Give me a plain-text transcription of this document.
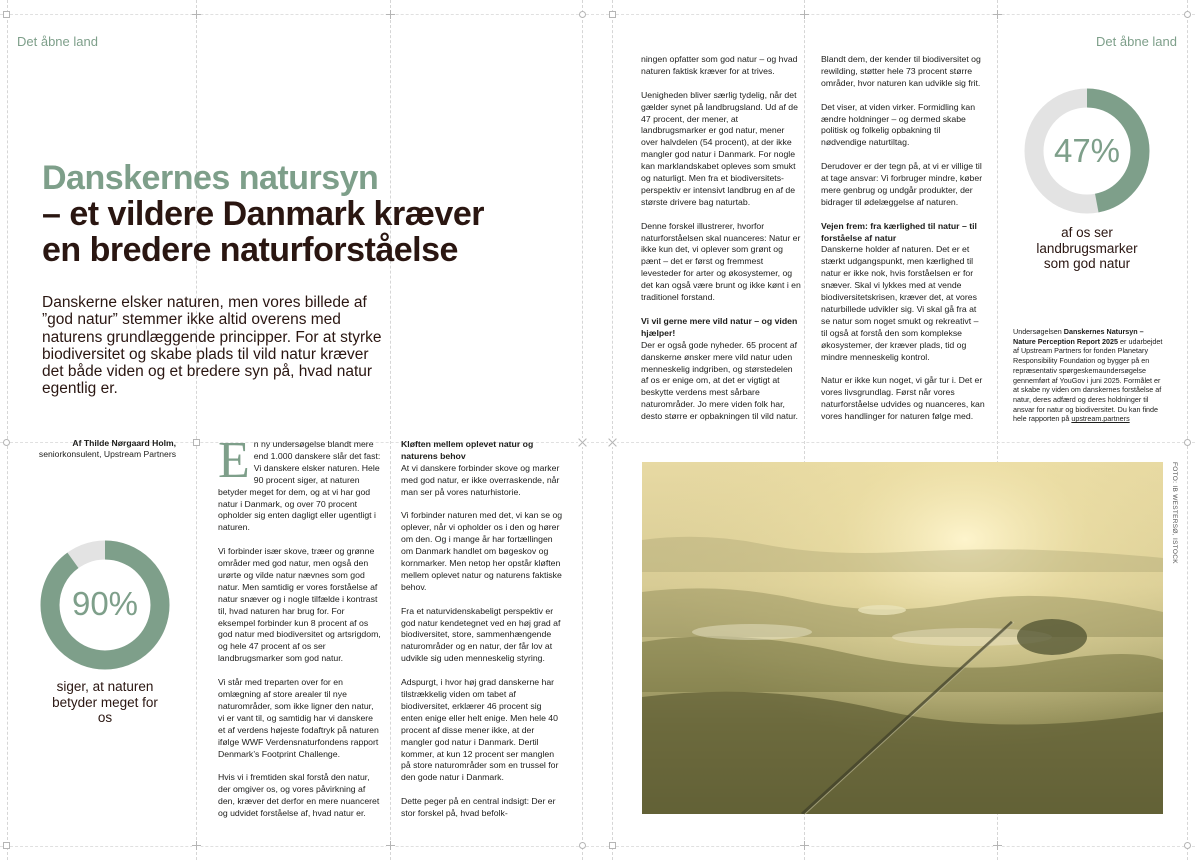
Det åbne land	Det åbne land
Danskernes natursyn
– et vildere Danmark kræver
en bredere naturforståelse

Danskerne elsker naturen, men vores billede af ”god natur” stemmer ikke altid overens med naturens grundlæggende principper. For at styrke biodiversitet og skabe plads til vild natur kræver det både viden og et bredere syn på, hvad natur egentlig er.

Af Thilde Nørgaard Holm,
seniorkonsulent, Upstream Partners
90%
siger, at naturen betyder meget for os
47%
af os ser landbrugsmarker som god natur

En ny undersøgelse blandt mere end 1.000 danskere slår det fast: Vi danskere elsker naturen. Hele 90 procent siger, at naturen betyder meget for dem, og at vi har god natur i Danmark, og over 70 procent opholder sig enten dagligt eller ugentligt i naturen.

Vi forbinder især skove, træer og grønne områder med god natur, men også den urørte og vilde natur nævnes som god natur. Men samtidig er vores forståelse af natur snæver og i nogle tilfælde i kontrast til, hvad naturen har brug for. For eksempel forbinder kun 8 procent af os god natur med biodiversitet og artsrigdom, og hele 47 procent af os ser landbrugsmarker som god natur.

Vi står med treparten over for en omlægning af store arealer til nye naturområder, som ikke ligner den natur, vi er vant til, og samtidig har vi danskere et af verdens højeste fodaftryk på naturen ifølge WWF Verdensnaturfondens rapport Denmark’s Footprint Challenge.

Hvis vi i fremtiden skal forstå den natur, der omgiver os, og vores påvirkning af den, kræver det derfor en mere nuanceret og udvidet forståelse af, hvad natur er.

Kløften mellem oplevet natur og naturens behov

At vi danskere forbinder skove og marker med god natur, er ikke overraskende, når man ser på vores naturhistorie.

Vi forbinder naturen med det, vi kan se og oplever, når vi opholder os i den og hører om den. Og i mange år har fortællingen om Danmark handlet om bøgeskov og kornmarker. Men netop her opstår kløften mellem oplevet natur og naturens faktiske behov.

Fra et naturvidenskabeligt perspektiv er god natur kendetegnet ved en høj grad af biodiversitet, store, sammenhængende naturområder og en natur, der får lov at udvikle sig uden menneskelig styring.

Adspurgt, i hvor høj grad danskerne har tilstrækkelig viden om tabet af biodiversitet, erklærer 46 procent sig enten enige eller helt enige. Men hele 40 procent af disse mener ikke, at der mangler god natur i Danmark. Dertil kommer, at kun 12 procent ser manglen på store naturområder som en trussel for den gode natur i Danmark.

Dette peger på en central indsigt: Der er stor forskel på, hvad befolk-

ningen opfatter som god natur – og hvad naturen faktisk kræver for at trives.

Uenigheden bliver særlig tydelig, når det gælder synet på landbrugsland. Ud af de 47 procent, der mener, at landbrugsmarker er god natur, mener over halvdelen (54 procent), at der ikke mangler god natur i Danmark. For nogle kan marklandskabet opleves som smukt og naturligt. Men fra et biodiversitetsperspektiv er intensivt landbrug en af de største drivere bag naturtab.

Denne forskel illustrerer, hvorfor naturforståelsen skal nuanceres: Natur er ikke kun det, vi oplever som grønt og pænt – det er først og fremmest levesteder for arter og økosystemer, og det kan også være brunt og ikke kønt i en traditionel forstand.

Vi vil gerne mere vild natur – og viden hjælper!

Der er også gode nyheder. 65 procent af danskerne ønsker mere vild natur uden menneskelig indgriben, og størstedelen af os er enige om, at det er vigtigt at beskytte verdens mest sårbare naturområder. Jo mere viden folk har, desto større er opbakningen til vild natur.

Blandt dem, der kender til biodiversitet og rewilding, støtter hele 73 procent større områder, hvor naturen kan udvikle sig frit.

Det viser, at viden virker. Formidling kan ændre holdninger – og dermed skabe politisk og folkelig opbakning til nødvendige naturtiltag.

Derudover er der tegn på, at vi er villige til at tage ansvar: Vi forbruger mindre, køber mere genbrug og undgår produkter, der bidrager til ødelæggelse af naturen.

Vejen frem: fra kærlighed til natur – til forståelse af natur

Danskerne holder af naturen. Det er et stærkt udgangspunkt, men kærlighed til natur er ikke nok, hvis forståelsen er for snæver. Skal vi lykkes med at vende biodiversitetskrisen, kræver det, at vores naturbillede udvikler sig. Vi skal gå fra at se natur som noget smukt og rekreativt – til også at forstå den som komplekse økosystemer, der kræver plads, tid og mindre menneskelig kontrol.

Natur er ikke kun noget, vi går tur i. Det er vores livsgrundlag. Først når vores naturforståelse udvides og nuanceres, kan vores handlinger for naturen følge med.

Undersøgelsen Danskernes Natursyn – Nature Perception Report 2025 er udarbejdet af Upstream Partners for fonden Planetary Responsibility Foundation og bygger på en repræsentativ spørgeskemaundersøgelse gennemført af YouGov i juni 2025. Formålet er at skabe ny viden om danskernes forståelse af natur, deres adfærd og deres holdninger til ansvar for natur og biodiversitet. Du kan finde hele rapporten på upstream.partners
FOTO: IB WESTERSØ, ISTOCK
